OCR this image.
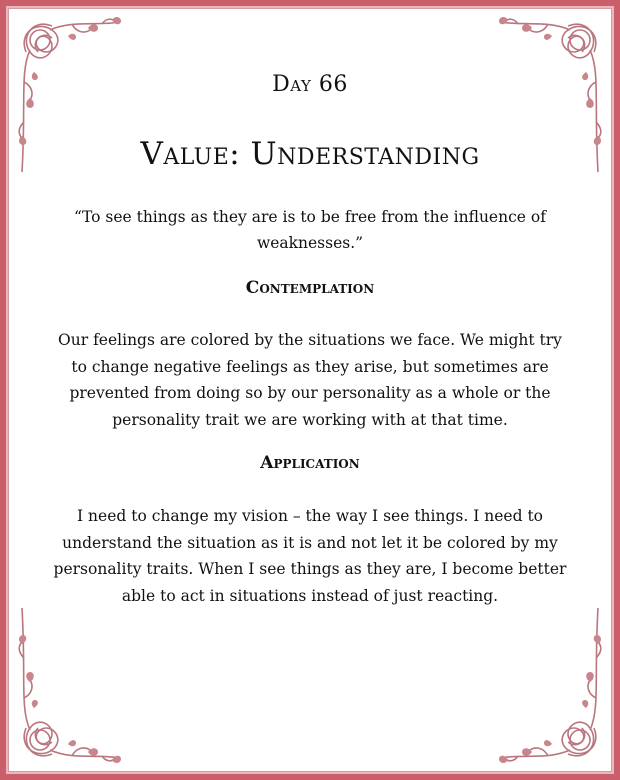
Day 66
Value: Understanding
“To see things as they are is to be free from the influence of weaknesses.”
Contemplation
Our feelings are colored by the situations we face. We might try to change negative feelings as they arise, but sometimes are prevented from doing so by our personality as a whole or the personality trait we are working with at that time.
Application
I need to change my vision – the way I see things. I need to understand the situation as it is and not let it be colored by my personality traits. When I see things as they are, I become better able to act in situations instead of just reacting.
